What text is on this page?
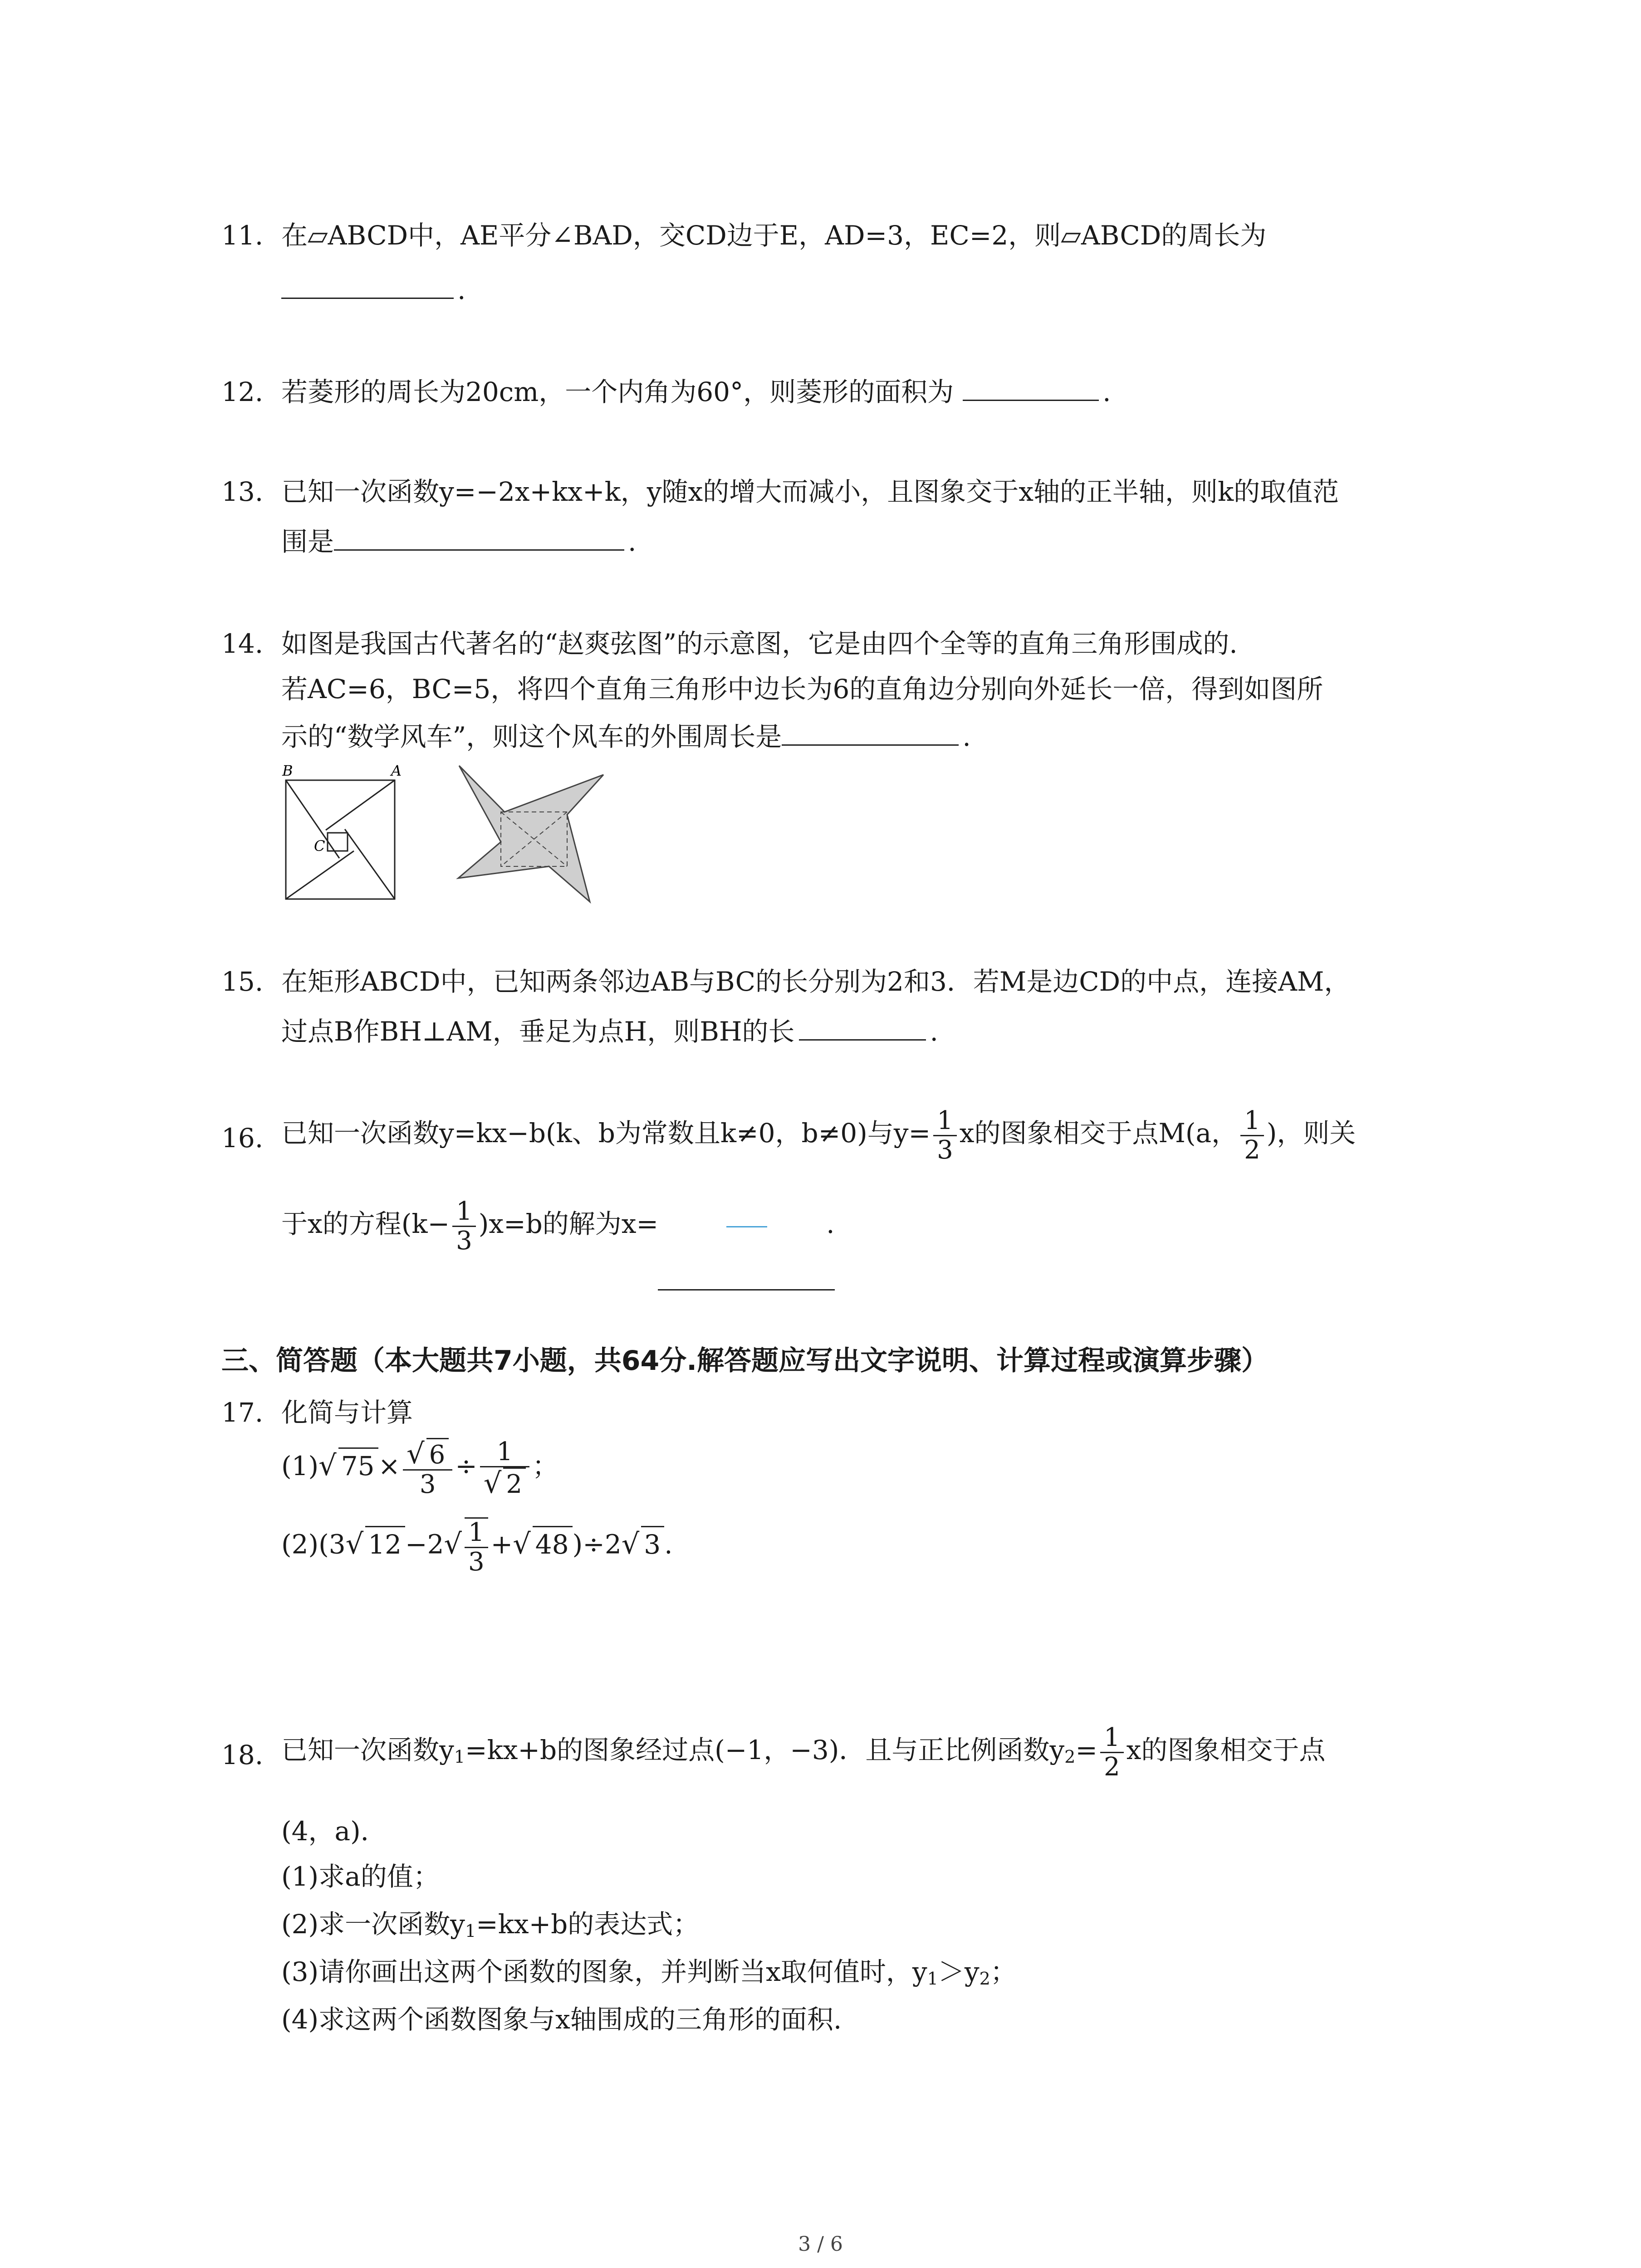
11. 在▱ABCD中，AE平分∠BAD，交CD边于E，AD=3，EC=2，则▱ABCD的周长为
.
12. 若菱形的周长为20cm，一个内角为60°，则菱形的面积为	.
13. 已知一次函数y=−2x+kx+k，y随x的增大而减小，且图象交于x轴的正半轴，则k的取值范
围是	.
14. 如图是我国古代著名的“赵爽弦图”的示意图，它是由四个全等的直角三角形围成的.
若AC=6，BC=5，将四个直角三角形中边长为6的直角边分别向外延长一倍，得到如图所
示的“数学风车”，则这个风车的外围周长是	.
B	A
C
15. 在矩形ABCD中，已知两条邻边AB与BC的长分别为2和3．若M是边CD的中点，连接AM，
过点B作BH⊥AM，垂足为点H，则BH的长	.
16. 已知一次函数y=kx−b(k、b为常数且k≠0，b≠0)与$y= \frac{1}{3}$ x的图象相交于点M(a， $\frac{1}{2}$ )，则关
于x的方程$(k- \frac{1}{3} )x=b$的解为x=	.
三、简答题（本大题共7小题，共64分.解答题应写出文字说明、计算过程或演算步骤）
17. 化简与计算
(1)√ $75 \times \frac{√ 6}{3} \div \frac{1}{√ 2}$ ；
(2)(3√ $12 -2√ \frac{1}{3}$ +√ 48 )÷2√ 3 .
18. 已知一次函数$y_1=kx+b$的图象经过点(−1，−3)．且与正比例函数$y_2= \frac{1}{2}$ x的图象相交于点
(4，a)．
(1)求a的值；
(2)求一次函数$y_1=kx+b$的表达式；
(3)请你画出这两个函数的图象，并判断当x取何值时，$y_1>y_2$；
(4)求这两个函数图象与x轴围成的三角形的面积.
3 / 6
